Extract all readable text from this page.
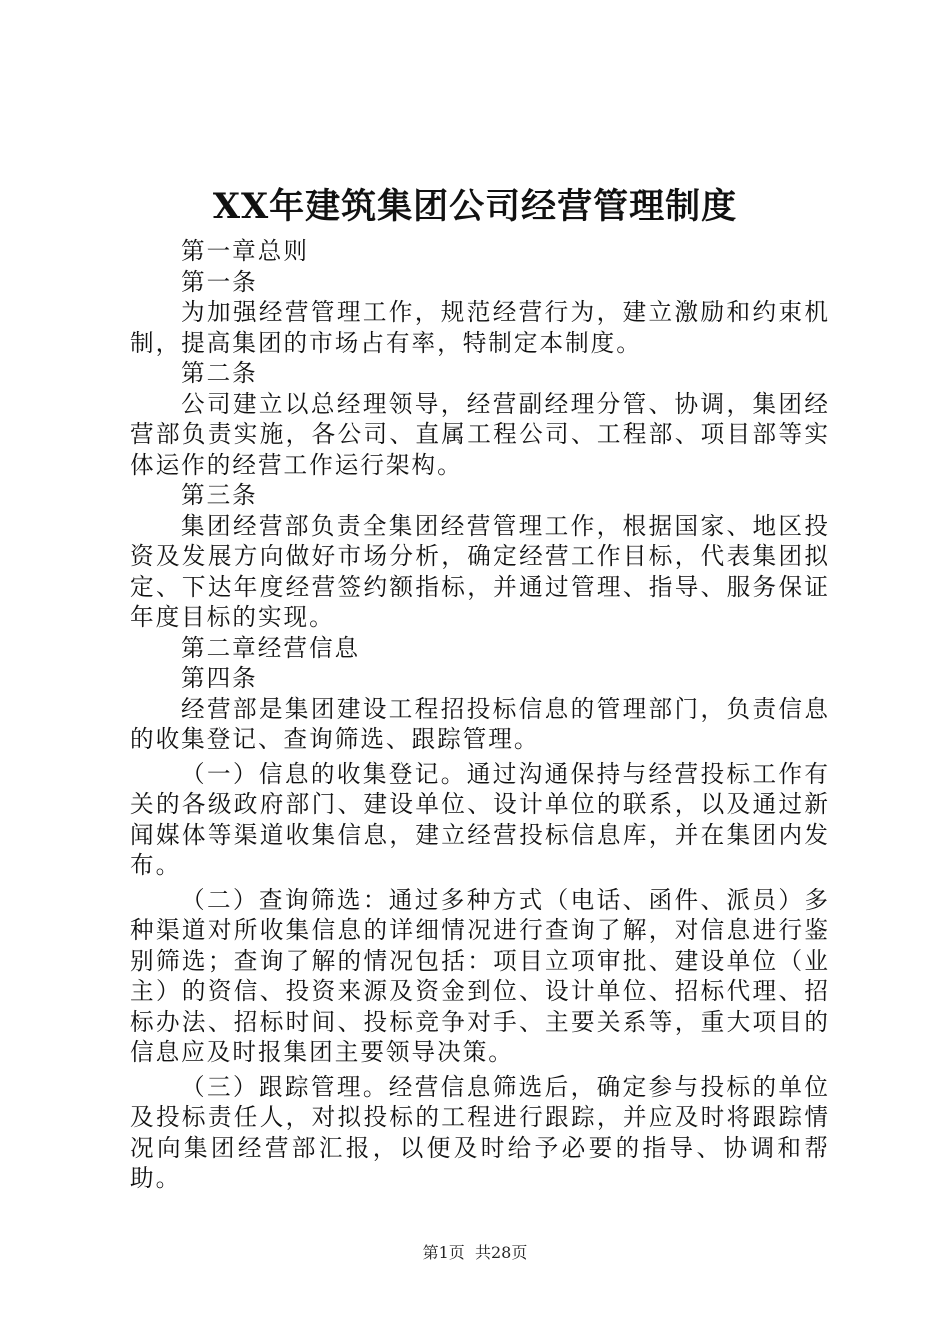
XX年建筑集团公司经营管理制度

第一章总则

第一条

为加强经营管理工作，规范经营行为，建立激励和约束机制，提高集团的市场占有率，特制定本制度。

第二条

公司建立以总经理领导，经营副经理分管、协调，集团经营部负责实施，各公司、直属工程公司、工程部、项目部等实体运作的经营工作运行架构。

第三条

集团经营部负责全集团经营管理工作，根据国家、地区投资及发展方向做好市场分析，确定经营工作目标，代表集团拟定、下达年度经营签约额指标，并通过管理、指导、服务保证年度目标的实现。

第二章经营信息

第四条

经营部是集团建设工程招投标信息的管理部门，负责信息的收集登记、查询筛选、跟踪管理。

（一）信息的收集登记。通过沟通保持与经营投标工作有关的各级政府部门、建设单位、设计单位的联系，以及通过新闻媒体等渠道收集信息，建立经营投标信息库，并在集团内发布。

（二）查询筛选：通过多种方式（电话、函件、派员）多种渠道对所收集信息的详细情况进行查询了解，对信息进行鉴别筛选；查询了解的情况包括：项目立项审批、建设单位（业主）的资信、投资来源及资金到位、设计单位、招标代理、招标办法、招标时间、投标竞争对手、主要关系等，重大项目的信息应及时报集团主要领导决策。

（三）跟踪管理。经营信息筛选后，确定参与投标的单位及投标责任人，对拟投标的工程进行跟踪，并应及时将跟踪情况向集团经营部汇报，以便及时给予必要的指导、协调和帮助。

第1页 共28页
